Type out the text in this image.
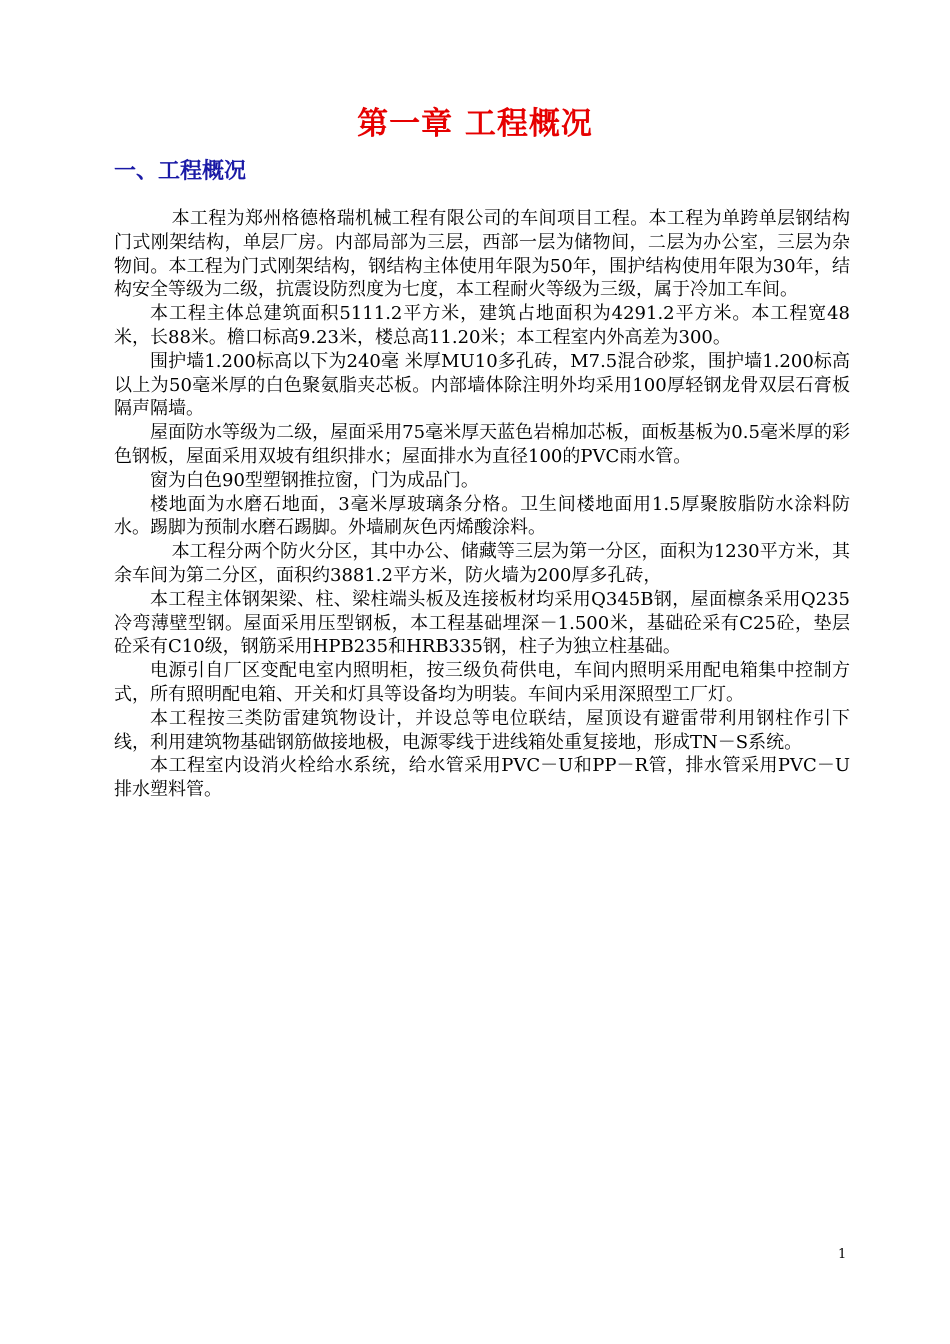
第一章 工程概况
一、工程概况

本工程为郑州格德格瑞机械工程有限公司的车间项目工程。本工程为单跨单层钢结构门式刚架结构，单层厂房。内部局部为三层，西部一层为储物间，二层为办公室，三层为杂物间。本工程为门式刚架结构，钢结构主体使用年限为50年，围护结构使用年限为30年，结构安全等级为二级，抗震设防烈度为七度，本工程耐火等级为三级，属于冷加工车间。

本工程主体总建筑面积5111.2平方米，建筑占地面积为4291.2平方米。本工程宽48米，长88米。檐口标高9.23米，楼总高11.20米；本工程室内外高差为300。

围护墙1.200标高以下为240毫 米厚MU10多孔砖，M7.5混合砂浆，围护墙1.200标高以上为50毫米厚的白色聚氨脂夹芯板。内部墙体除注明外均采用100厚轻钢龙骨双层石膏板隔声隔墙。

屋面防水等级为二级，屋面采用75毫米厚天蓝色岩棉加芯板，面板基板为0.5毫米厚的彩色钢板，屋面采用双坡有组织排水；屋面排水为直径100的PVC雨水管。

窗为白色90型塑钢推拉窗，门为成品门。

楼地面为水磨石地面，3毫米厚玻璃条分格。卫生间楼地面用1.5厚聚胺脂防水涂料防水。踢脚为预制水磨石踢脚。外墙刷灰色丙烯酸涂料。

本工程分两个防火分区，其中办公、储藏等三层为第一分区，面积为1230平方米，其余车间为第二分区，面积约3881.2平方米，防火墙为200厚多孔砖，

本工程主体钢架梁、柱、梁柱端头板及连接板材均采用Q345B钢，屋面檩条采用Q235冷弯薄壁型钢。屋面采用压型钢板，本工程基础埋深－1.500米，基础砼采有C25砼，垫层砼采有C10级，钢筋采用HPB235和HRB335钢，柱子为独立柱基础。

电源引自厂区变配电室内照明柜，按三级负荷供电，车间内照明采用配电箱集中控制方式，所有照明配电箱、开关和灯具等设备均为明装。车间内采用深照型工厂灯。

本工程按三类防雷建筑物设计，并设总等电位联结，屋顶设有避雷带利用钢柱作引下线，利用建筑物基础钢筋做接地极，电源零线于进线箱处重复接地，形成TN－S系统。

本工程室内设消火栓给水系统，给水管采用PVC－U和PP－R管，排水管采用PVC－U排水塑料管。

1
